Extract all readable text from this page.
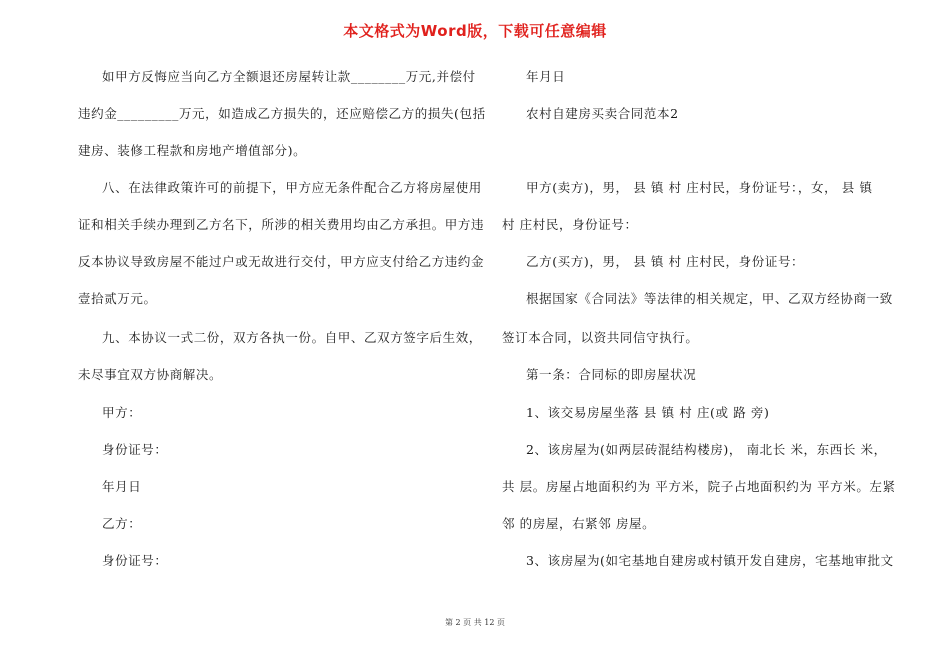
本文格式为Word版，下载可任意编辑
如甲方反悔应当向乙方全额退还房屋转让款________万元,并偿付
违约金_________万元，如造成乙方损失的，还应赔偿乙方的损失(包括
建房、装修工程款和房地产增值部分)。
八、在法律政策许可的前提下，甲方应无条件配合乙方将房屋使用
证和相关手续办理到乙方名下，所涉的相关费用均由乙方承担。甲方违
反本协议导致房屋不能过户或无故进行交付，甲方应支付给乙方违约金
壹拾贰万元。
九、本协议一式二份，双方各执一份。自甲、乙双方签字后生效，
未尽事宜双方协商解决。
甲方：
身份证号：
年月日
乙方：
身份证号：
年月日
农村自建房买卖合同范本2
甲方(卖方)，男， 县 镇 村 庄村民，身份证号：，女， 县 镇
村 庄村民，身份证号：
乙方(买方)，男， 县 镇 村 庄村民，身份证号：
根据国家《合同法》等法律的相关规定，甲、乙双方经协商一致
签订本合同，以资共同信守执行。
第一条：合同标的即房屋状况
1、该交易房屋坐落 县 镇 村 庄(或 路 旁)
2、该房屋为(如两层砖混结构楼房)， 南北长 米，东西长 米，
共 层。房屋占地面积约为 平方米，院子占地面积约为 平方米。左紧
邻 的房屋，右紧邻 房屋。
3、该房屋为(如宅基地自建房或村镇开发自建房，宅基地审批文
第 2 页 共 12 页
